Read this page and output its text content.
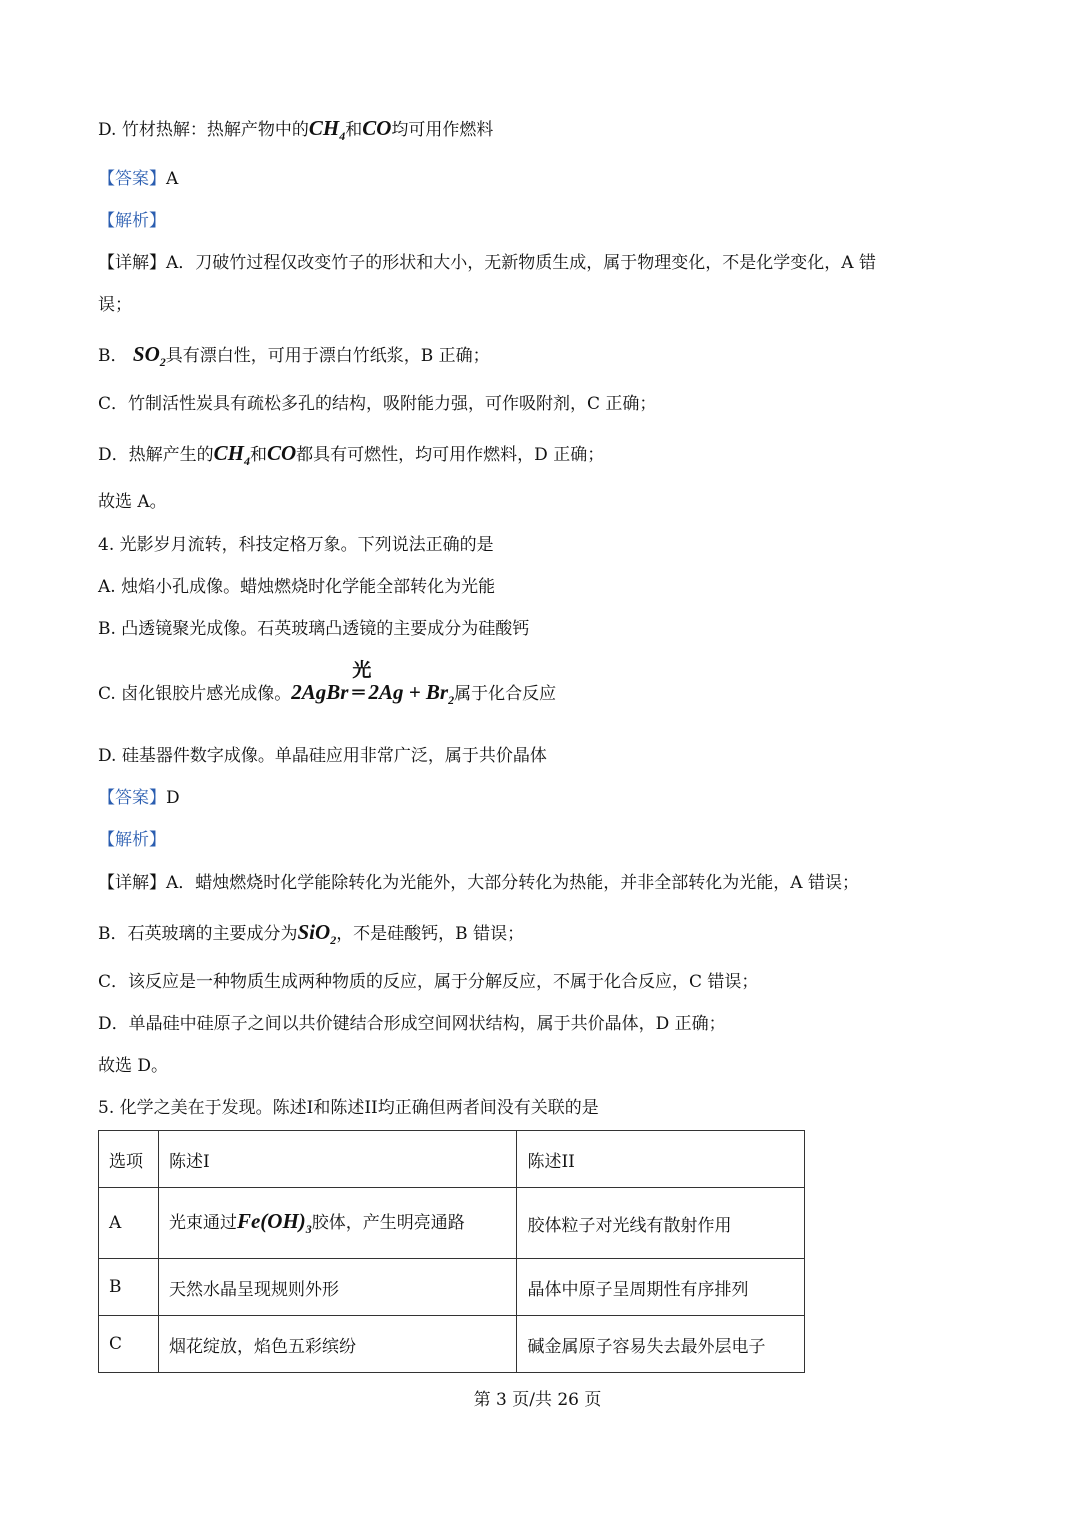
D. 竹材热解：热解产物中的$CH_4$和CO均可用作燃料
【答案】A
【解析】
【详解】A．刀破竹过程仅改变竹子的形状和大小，无新物质生成，属于物理变化，不是化学变化，A 错
误；
B． $SO_2$具有漂白性，可用于漂白竹纸浆，B 正确；
C．竹制活性炭具有疏松多孔的结构，吸附能力强，可作吸附剂，C 正确；
D．热解产生的$CH_4$和CO都具有可燃性，均可用作燃料，D 正确；
故选 A。
4. 光影岁月流转，科技定格万象。下列说法正确的是
A. 烛焰小孔成像。蜡烛燃烧时化学能全部转化为光能
B. 凸透镜聚光成像。石英玻璃凸透镜的主要成分为硅酸钙
C. 卤化银胶片感光成像。2AgBr
光
═ $2Ag + Br_2$属于化合反应
D. 硅基器件数字成像。单晶硅应用非常广泛，属于共价晶体
【答案】D
【解析】
【详解】A．蜡烛燃烧时化学能除转化为光能外，大部分转化为热能，并非全部转化为光能，A 错误；
B．石英玻璃的主要成分为SiO$_2$，不是硅酸钙，B 错误；
C．该反应是一种物质生成两种物质的反应，属于分解反应，不属于化合反应，C 错误；
D．单晶硅中硅原子之间以共价键结合形成空间网状结构，属于共价晶体，D 正确；
故选 D。
5. 化学之美在于发现。陈述I和陈述II均正确但两者间没有关联的是
选项	陈述I	陈述II
A	光束通过$Fe(OH)_3$胶体，产生明亮通路	胶体粒子对光线有散射作用
B	天然水晶呈现规则外形	晶体中原子呈周期性有序排列
C	烟花绽放，焰色五彩缤纷	碱金属原子容易失去最外层电子
第 3 页/共 26 页
